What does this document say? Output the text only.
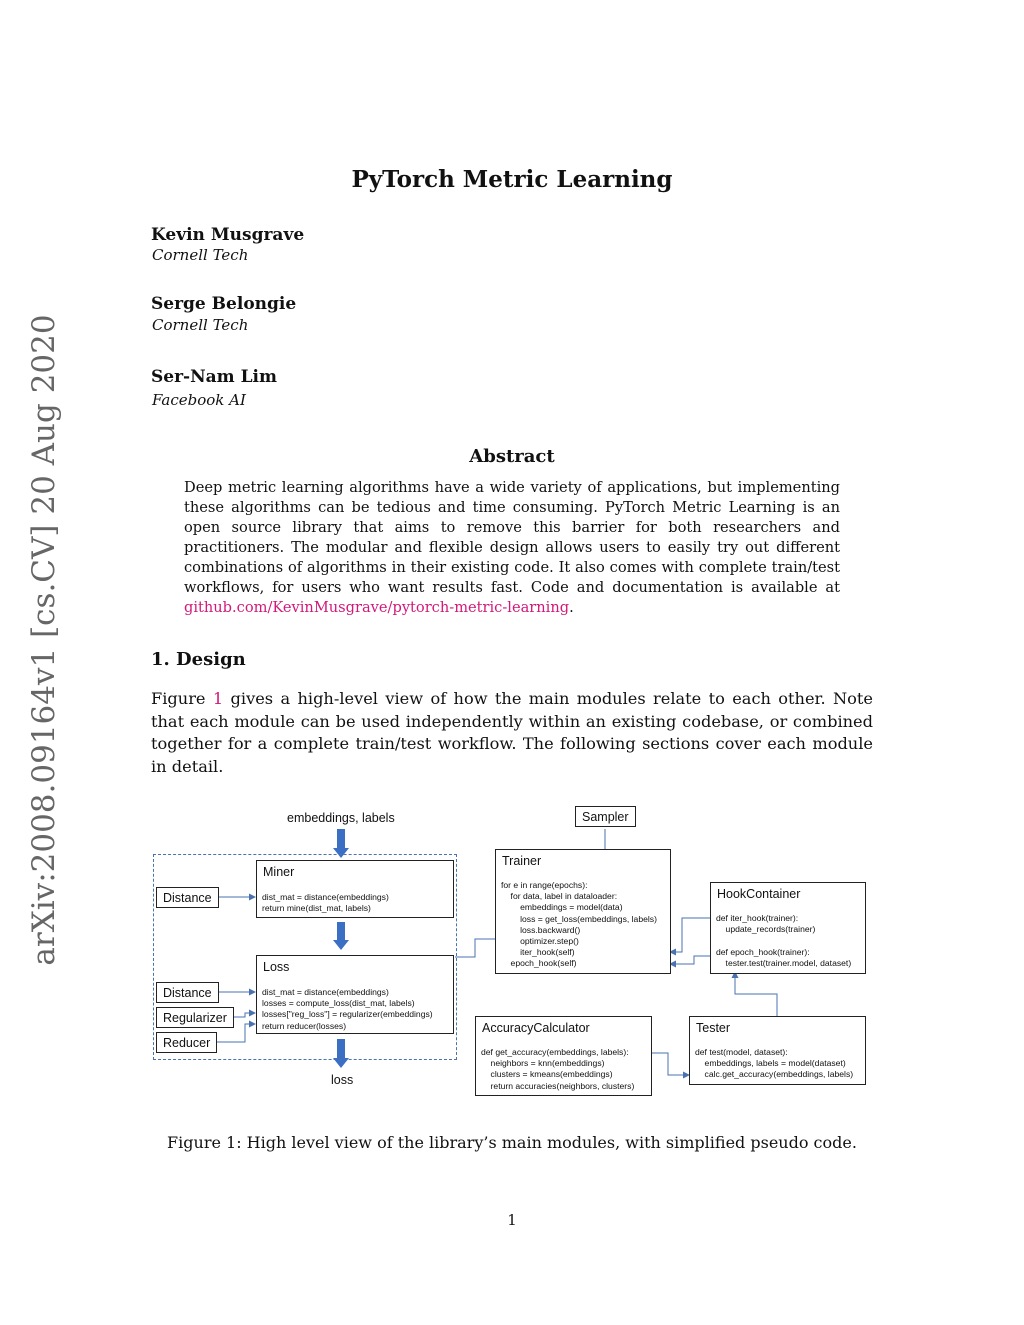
arXiv:2008.09164v1 [cs.CV] 20 Aug 2020
PyTorch Metric Learning
Kevin Musgrave
Cornell Tech
Serge Belongie
Cornell Tech
Ser-Nam Lim
Facebook AI
Abstract
Deep metric learning algorithms have a wide variety of applications, but implementing these algorithms can be tedious and time consuming. PyTorch Metric Learning is an open source library that aims to remove this barrier for both researchers and practitioners. The modular and flexible design allows users to easily try out different combinations of algorithms in their existing code. It also comes with complete train/test workflows, for users who want results fast. Code and documentation is available at github.com/KevinMusgrave/pytorch-metric-learning.
1. Design
Figure 1 gives a high-level view of how the main modules relate to each other. Note that each module can be used independently within an existing codebase, or combined together for a complete train/test workflow. The following sections cover each module in detail.
embeddings, labels
Miner
dist_mat = distance(embeddings)
return mine(dist_mat, labels)
Distance
Loss
dist_mat = distance(embeddings)
losses = compute_loss(dist_mat, labels)
losses["reg_loss"] = regularizer(embeddings)
return reducer(losses)
Distance
Regularizer
Reducer
loss
Sampler
Trainer
for e in range(epochs):
for data, label in dataloader:
embeddings = model(data)
loss = get_loss(embeddings, labels)
loss.backward()
optimizer.step()
iter_hook(self)
epoch_hook(self)
HookContainer
def iter_hook(trainer):
update_records(trainer)

def epoch_hook(trainer):
tester.test(trainer.model, dataset)
AccuracyCalculator
def get_accuracy(embeddings, labels):
neighbors = knn(embeddings)
clusters = kmeans(embeddings)
return accuracies(neighbors, clusters)
Tester
def test(model, dataset):
embeddings, labels = model(dataset)
calc.get_accuracy(embeddings, labels)
Figure 1: High level view of the library’s main modules, with simplified pseudo code.
1
